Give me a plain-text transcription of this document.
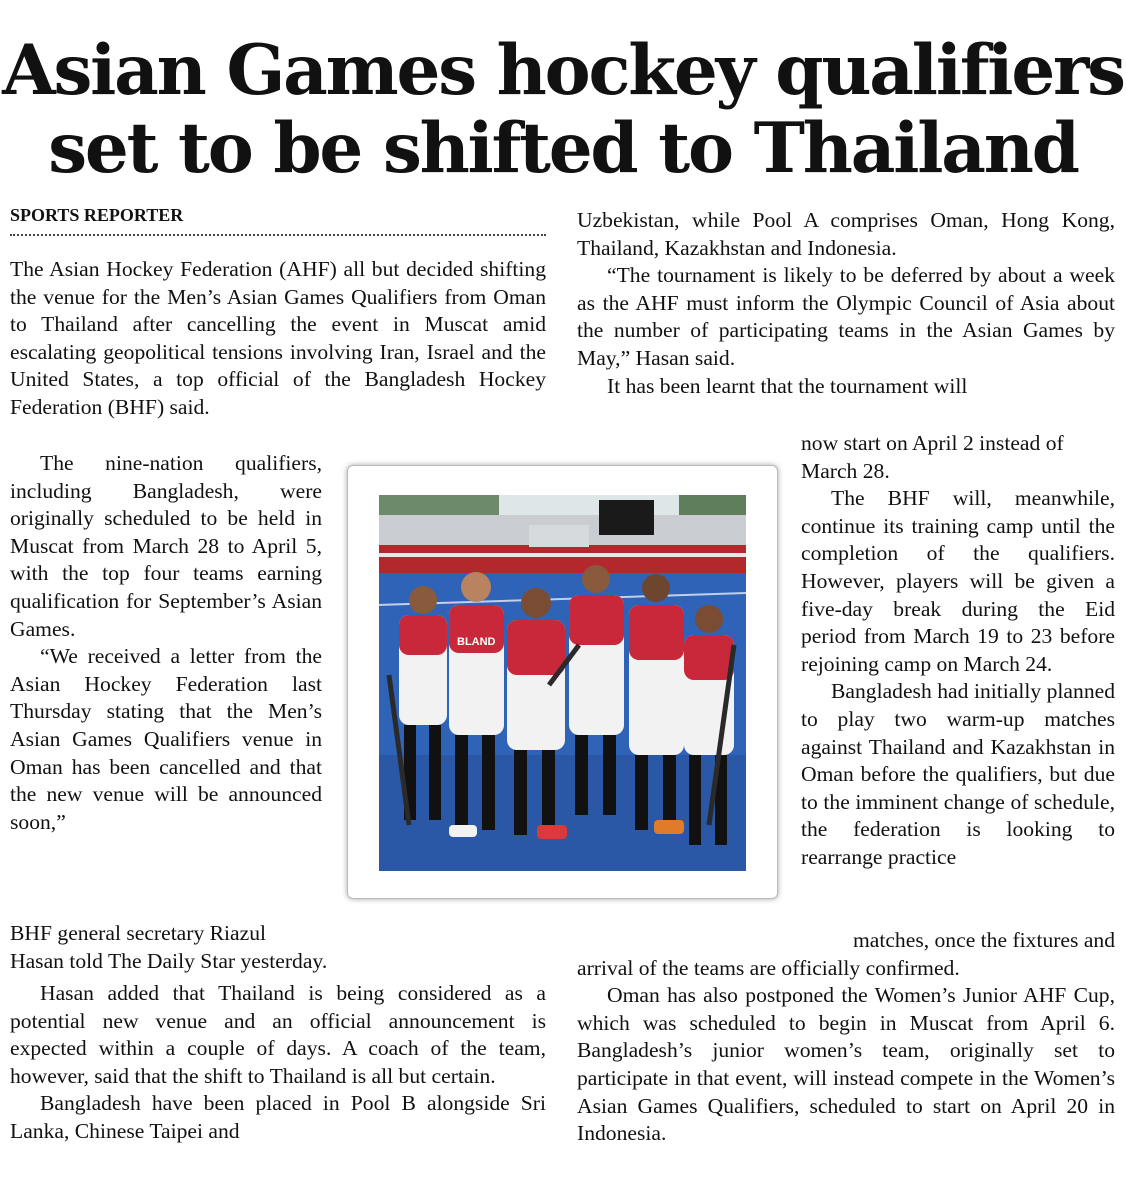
Asian Games hockey qualifiers
set to be shifted to Thailand
SPORTS REPORTER

The Asian Hockey Federation (AHF) all but decided shifting the venue for the Men’s Asian Games Qualifiers from Oman to Thailand after cancelling the event in Muscat amid escalating geopolitical tensions involving Iran, Israel and the United States, a top official of the Bangladesh Hockey Federation (BHF) said.

The nine-nation qualifiers, including Bangladesh, were originally scheduled to be held in Muscat from March 28 to April 5, with the top four teams earning qualification for September’s Asian Games.

“We received a letter from the Asian Hockey Federation last Thursday stating that the Men’s Asian Games Qualifiers venue in Oman has been cancelled and that the new venue will be announced soon,”

BHF general secretary Riazul

Hasan told The Daily Star yesterday.

Hasan added that Thailand is being considered as a potential new venue and an official announcement is expected within a couple of days. A coach of the team, however, said that the shift to Thailand is all but certain.

Bangladesh have been placed in Pool B alongside Sri Lanka, Chinese Taipei and

Uzbekistan, while Pool A comprises Oman, Hong Kong, Thailand, Kazakhstan and Indonesia.

“The tournament is likely to be deferred by about a week as the AHF must inform the Olympic Council of Asia about the number of participating teams in the Asian Games by May,” Hasan said.

It has been learnt that the tournament will

now start on April 2 instead of March 28.

The BHF will, meanwhile, continue its training camp until the completion of the qualifiers. However, players will be given a five-day break during the Eid period from March 19 to 23 before rejoining camp on March 24.

Bangladesh had initially planned to play two warm-up matches against Thailand and Kazakhstan in Oman before the qualifiers, but due to the imminent change of schedule, the federation is looking to rearrange practice

matches, once the fixtures and

arrival of the teams are officially confirmed.

Oman has also postponed the Women’s Junior AHF Cup, which was scheduled to begin in Muscat from April 6. Bangladesh’s junior women’s team, originally set to participate in that event, will instead compete in the Women’s Asian Games Qualifiers, scheduled to start on April 20 in Indonesia.

BLAND
